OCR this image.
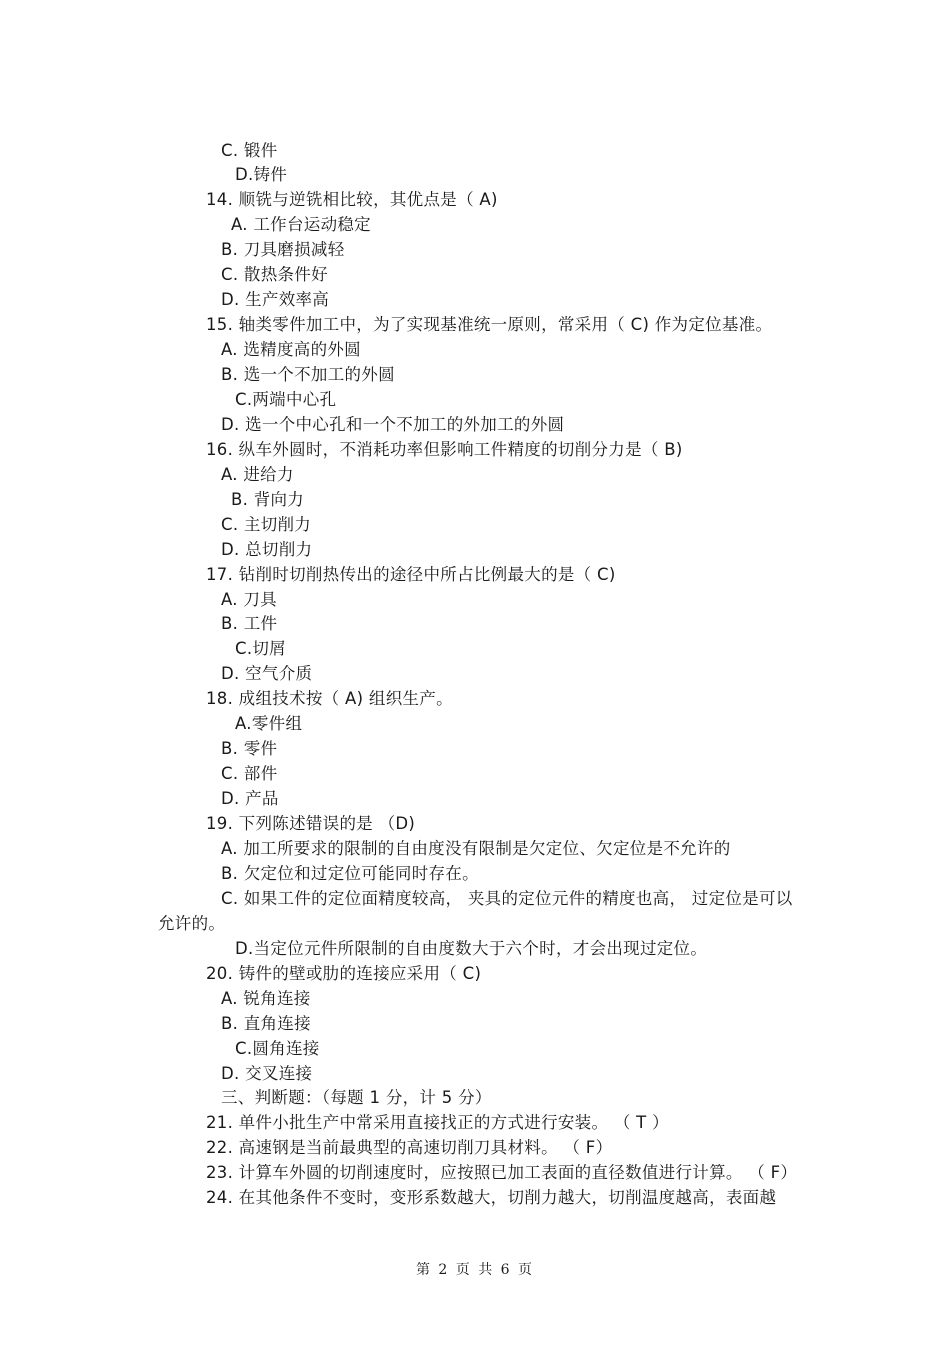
C. 锻件
D.铸件
14. 顺铣与逆铣相比较，其优点是（ A)
A. 工作台运动稳定
B. 刀具磨损减轻
C. 散热条件好
D. 生产效率高
15. 轴类零件加工中，为了实现基准统一原则，常采用（ C) 作为定位基准。
A. 选精度高的外圆
B. 选一个不加工的外圆
C.两端中心孔
D. 选一个中心孔和一个不加工的外加工的外圆
16. 纵车外圆时，不消耗功率但影响工件精度的切削分力是（ B)
A. 进给力
B. 背向力
C. 主切削力
D. 总切削力
17. 钻削时切削热传出的途径中所占比例最大的是（ C)
A. 刀具
B. 工件
C.切屑
D. 空气介质
18. 成组技术按（ A) 组织生产。
A.零件组
B. 零件
C. 部件
D. 产品
19. 下列陈述错误的是 （D)
A. 加工所要求的限制的自由度没有限制是欠定位、欠定位是不允许的
B. 欠定位和过定位可能同时存在。
C. 如果工件的定位面精度较高， 夹具的定位元件的精度也高， 过定位是可以
允许的。
D.当定位元件所限制的自由度数大于六个时，才会出现过定位。
20. 铸件的壁或肋的连接应采用（ C)
A. 锐角连接
B. 直角连接
C.圆角连接
D. 交叉连接
三、判断题：（每题 1 分，计 5 分）
21. 单件小批生产中常采用直接找正的方式进行安装。 （ T ）
22. 高速钢是当前最典型的高速切削刀具材料。 （ F）
23. 计算车外圆的切削速度时，应按照已加工表面的直径数值进行计算。 （ F）
24. 在其他条件不变时，变形系数越大，切削力越大，切削温度越高，表面越
第 2 页 共 6 页
